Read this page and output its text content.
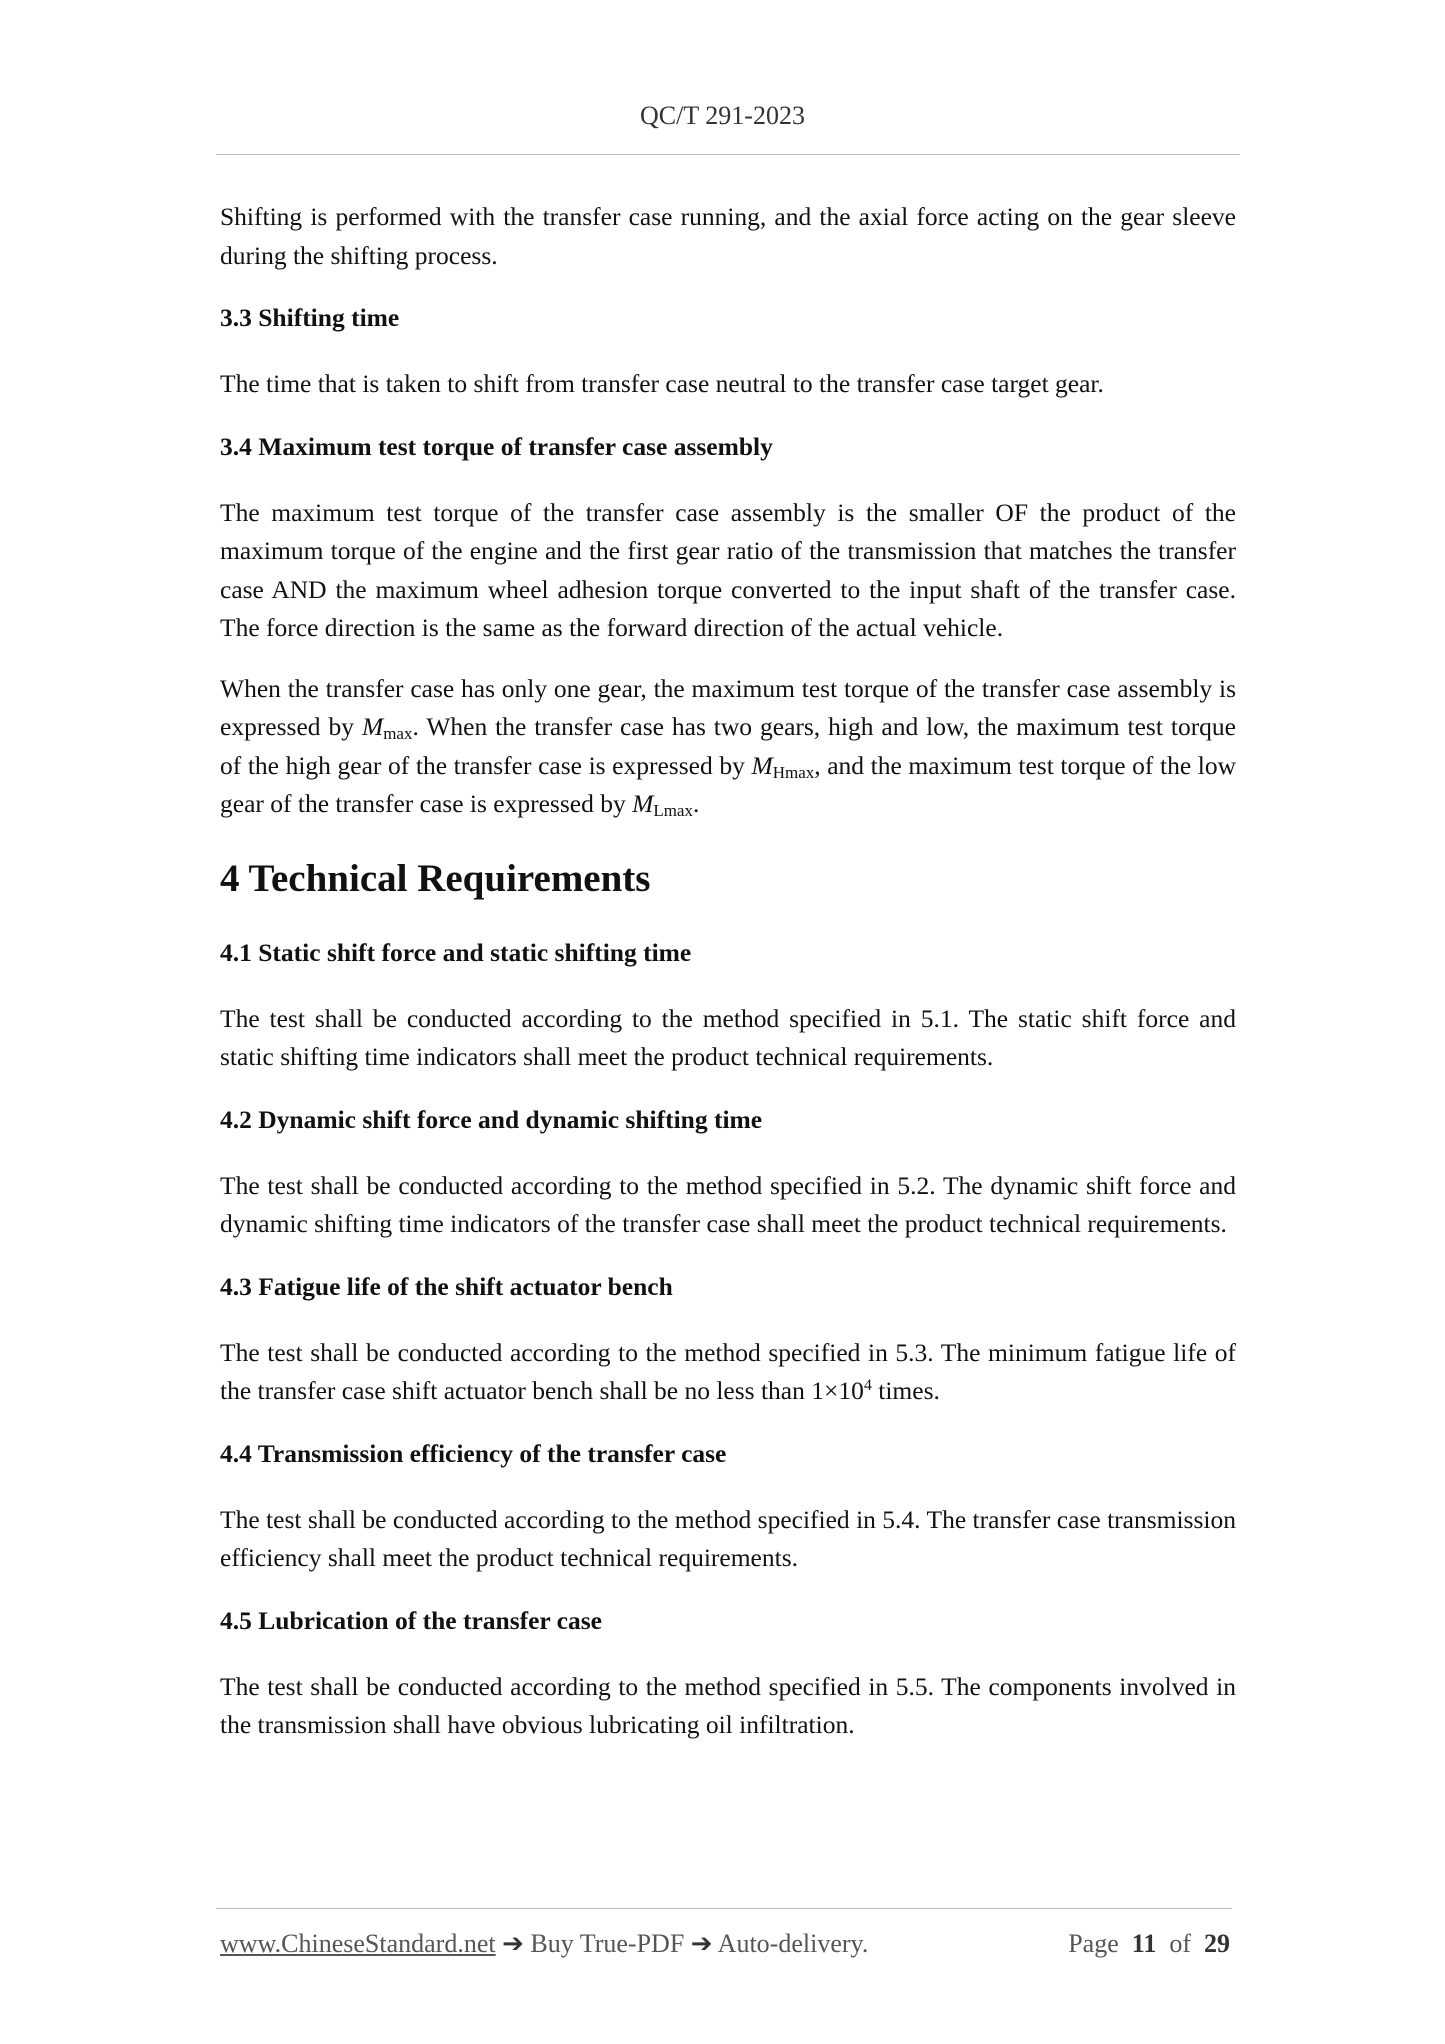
QC/T 291-2023

Shifting is performed with the transfer case running, and the axial force acting on the gear sleeve during the shifting process.

3.3 Shifting time

The time that is taken to shift from transfer case neutral to the transfer case target gear.

3.4 Maximum test torque of transfer case assembly

The maximum test torque of the transfer case assembly is the smaller OF the product of the maximum torque of the engine and the first gear ratio of the transmission that matches the transfer case AND the maximum wheel adhesion torque converted to the input shaft of the transfer case. The force direction is the same as the forward direction of the actual vehicle.

When the transfer case has only one gear, the maximum test torque of the transfer case assembly is expressed by $M_{max}$. When the transfer case has two gears, high and low, the maximum test torque of the high gear of the transfer case is expressed by $M_{Hmax}$, and the maximum test torque of the low gear of the transfer case is expressed by $M_{Lmax}$.

4 Technical Requirements
4.1 Static shift force and static shifting time

The test shall be conducted according to the method specified in 5.1. The static shift force and static shifting time indicators shall meet the product technical requirements.

4.2 Dynamic shift force and dynamic shifting time

The test shall be conducted according to the method specified in 5.2. The dynamic shift force and dynamic shifting time indicators of the transfer case shall meet the product technical requirements.

4.3 Fatigue life of the shift actuator bench

The test shall be conducted according to the method specified in 5.3. The minimum fatigue life of the transfer case shift actuator bench shall be no less than $1\times 10^4$ times.

4.4 Transmission efficiency of the transfer case

The test shall be conducted according to the method specified in 5.4. The transfer case transmission efficiency shall meet the product technical requirements.

4.5 Lubrication of the transfer case

The test shall be conducted according to the method specified in 5.5. The components involved in the transmission shall have obvious lubricating oil infiltration.

www.ChineseStandard.net ➔ Buy True-PDF ➔ Auto-delivery.	Page 11 of 29
